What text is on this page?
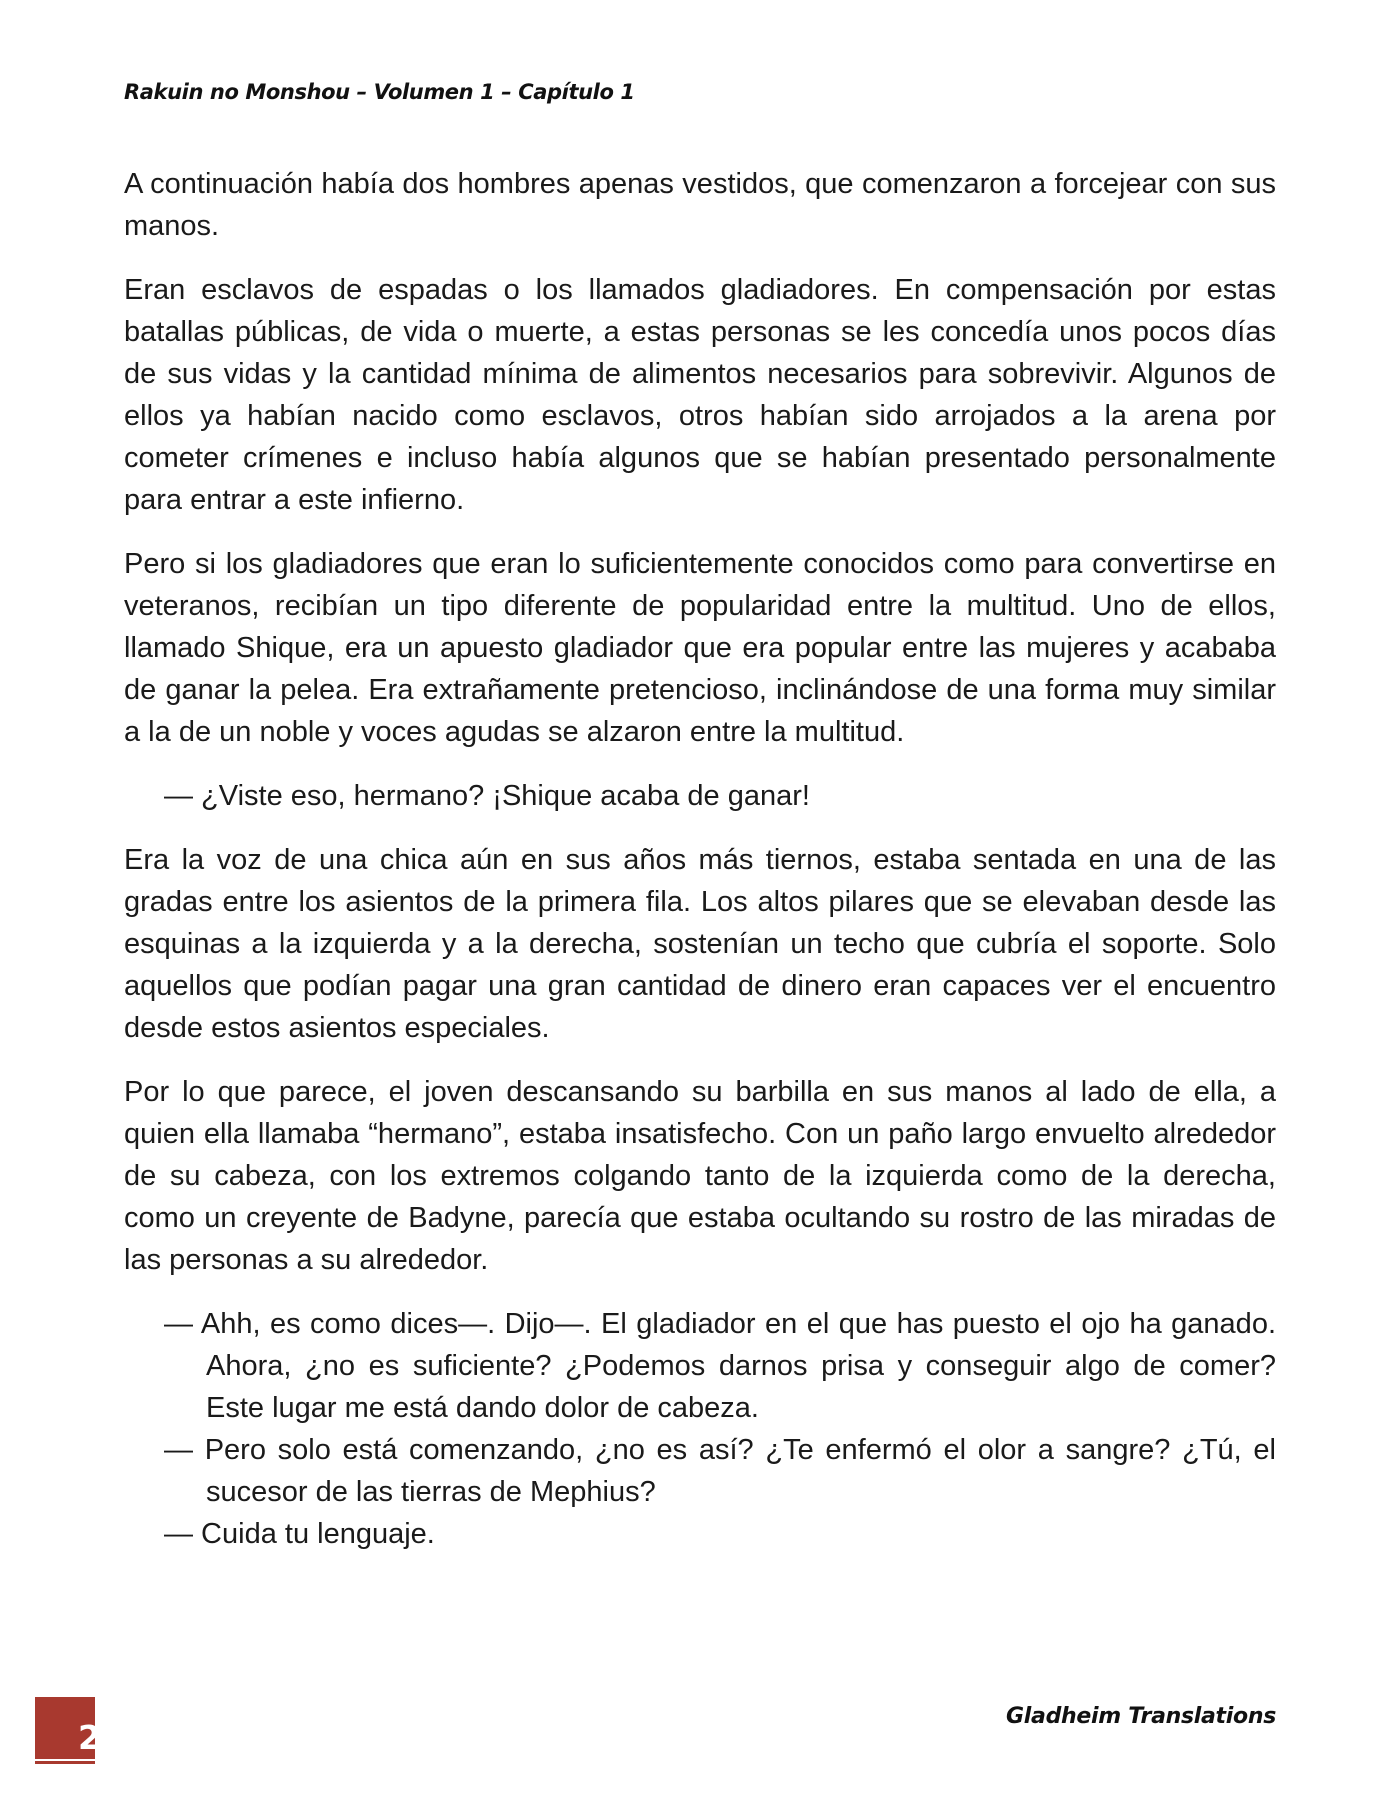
Rakuin no Monshou – Volumen 1 – Capítulo 1

A continuación había dos hombres apenas vestidos, que comenzaron a forcejear con sus manos.

Eran esclavos de espadas o los llamados gladiadores. En compensación por estas batallas públicas, de vida o muerte, a estas personas se les concedía unos pocos días de sus vidas y la cantidad mínima de alimentos necesarios para sobrevivir. Algunos de ellos ya habían nacido como esclavos, otros habían sido arrojados a la arena por cometer crímenes e incluso había algunos que se habían presentado personalmente para entrar a este infierno.

Pero si los gladiadores que eran lo suficientemente conocidos como para convertirse en veteranos, recibían un tipo diferente de popularidad entre la multitud. Uno de ellos, llamado Shique, era un apuesto gladiador que era popular entre las mujeres y acababa de ganar la pelea. Era extrañamente pretencioso, inclinándose de una forma muy similar a la de un noble y voces agudas se alzaron entre la multitud.

— ¿Viste eso, hermano? ¡Shique acaba de ganar!

Era la voz de una chica aún en sus años más tiernos, estaba sentada en una de las gradas entre los asientos de la primera fila. Los altos pilares que se elevaban desde las esquinas a la izquierda y a la derecha, sostenían un techo que cubría el soporte. Solo aquellos que podían pagar una gran cantidad de dinero eran capaces ver el encuentro desde estos asientos especiales.

Por lo que parece, el joven descansando su barbilla en sus manos al lado de ella, a quien ella llamaba “hermano”, estaba insatisfecho. Con un paño largo envuelto alrededor de su cabeza, con los extremos colgando tanto de la izquierda como de la derecha, como un creyente de Badyne, parecía que estaba ocultando su rostro de las miradas de las personas a su alrededor.

— Ahh, es como dices—. Dijo—. El gladiador en el que has puesto el ojo ha ganado. Ahora, ¿no es suficiente? ¿Podemos darnos prisa y conseguir algo de comer? Este lugar me está dando dolor de cabeza.

— Pero solo está comenzando, ¿no es así? ¿Te enfermó el olor a sangre? ¿Tú, el sucesor de las tierras de Mephius?

— Cuida tu lenguaje.

2
Gladheim Translations
